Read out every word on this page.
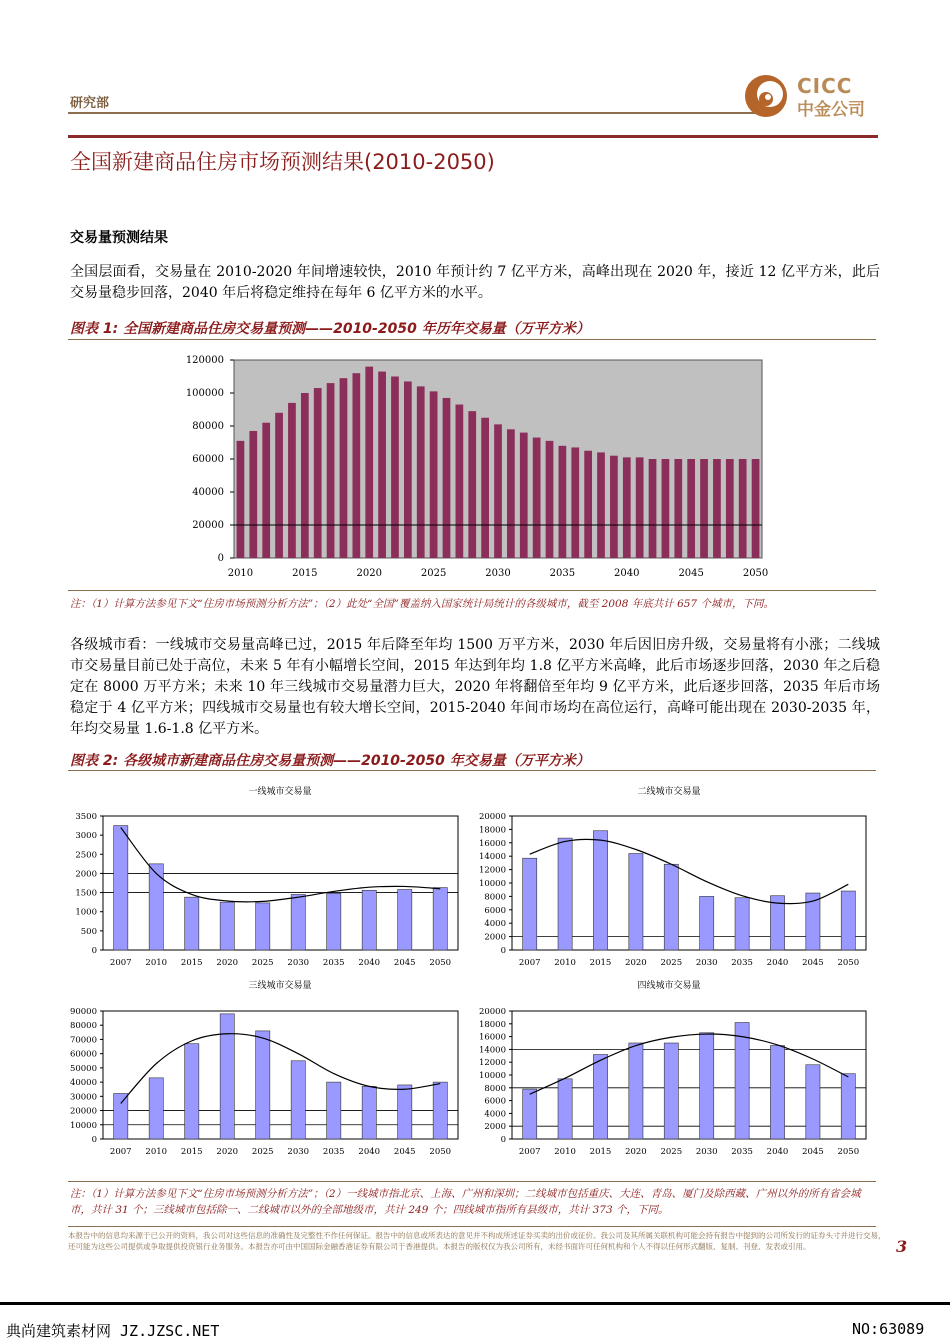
研究部
CICC
中金公司
全国新建商品住房市场预测结果(2010-2050)
交易量预测结果
全国层面看，交易量在 2010-2020 年间增速较快，2010 年预计约 7 亿平方米，高峰出现在 2020 年，接近 12 亿平方米，此后交易量稳步回落，2040 年后将稳定维持在每年 6 亿平方米的水平。
图表 1: 全国新建商品住房交易量预测——2010-2050 年历年交易量（万平方米）
0
20000
40000
60000
80000
100000
120000
2010	2015	2020	2025	2030	2035	2040	2045	2050
注：（1）计算方法参见下文“住房市场预测分析方法”；（2）此处“全国”覆盖纳入国家统计局统计的各级城市，截至 2008 年底共计 657 个城市，下同。
各级城市看：一线城市交易量高峰已过，2015 年后降至年均 1500 万平方米，2030 年后因旧房升级，交易量将有小涨；二线城市交易量目前已处于高位，未来 5 年有小幅增长空间，2015 年达到年均 1.8 亿平方米高峰，此后市场逐步回落，2030 年之后稳定在 8000 万平方米；未来 10 年三线城市交易量潜力巨大，2020 年将翻倍至年均 9 亿平方米，此后逐步回落，2035 年后市场稳定于 4 亿平方米；四线城市交易量也有较大增长空间，2015-2040 年间市场均在高位运行，高峰可能出现在 2030-2035 年，年均交易量 1.6-1.8 亿平方米。
图表 2: 各级城市新建商品住房交易量预测——2010-2050 年交易量（万平方米）
一线城市交易量
0
500
1000
1500
2000
2500
3000
3500
2007 2010 2015 2020 2025 2030 2035 2040 2045 2050
二线城市交易量
0
2000
4000
6000
8000
10000
12000
14000
16000
18000
20000
2007 2010 2015 2020 2025 2030 2035 2040 2045 2050
三线城市交易量
0
10000
20000
30000
40000
50000
60000
70000
80000
90000
2007 2010 2015 2020 2025 2030 2035 2040 2045 2050
四线城市交易量
0
2000
4000
6000
8000
10000
12000
14000
16000
18000
20000
2007 2010 2015 2020 2025 2030 2035 2040 2045 2050
注：（1）计算方法参见下文“住房市场预测分析方法”；（2）一线城市指北京、上海、广州和深圳；二线城市包括重庆、大连、青岛、厦门及除西藏、广州以外的所有省会城市，共计 31 个；三线城市包括除一、二线城市以外的全部地级市，共计 249 个；四线城市指所有县级市，共计 373 个，下同。
本报告中的信息均来源于已公开的资料，我公司对这些信息的准确性及完整性不作任何保证。报告中的信息或所表达的意见并不构成所述证券买卖的出价或征价。我公司及其所属关联机构可能会持有报告中提到的公司所发行的证券头寸并进行交易，还可能为这些公司提供或争取提供投资银行业务服务。本报告亦可由中国国际金融香港证券有限公司于香港提供。本报告的版权仅为我公司所有，未经书面许可任何机构和个人不得以任何形式翻版、复制、刊登、发表或引用。	3
典尚建筑素材网 JZ.JZSC.NET	NO:63089
